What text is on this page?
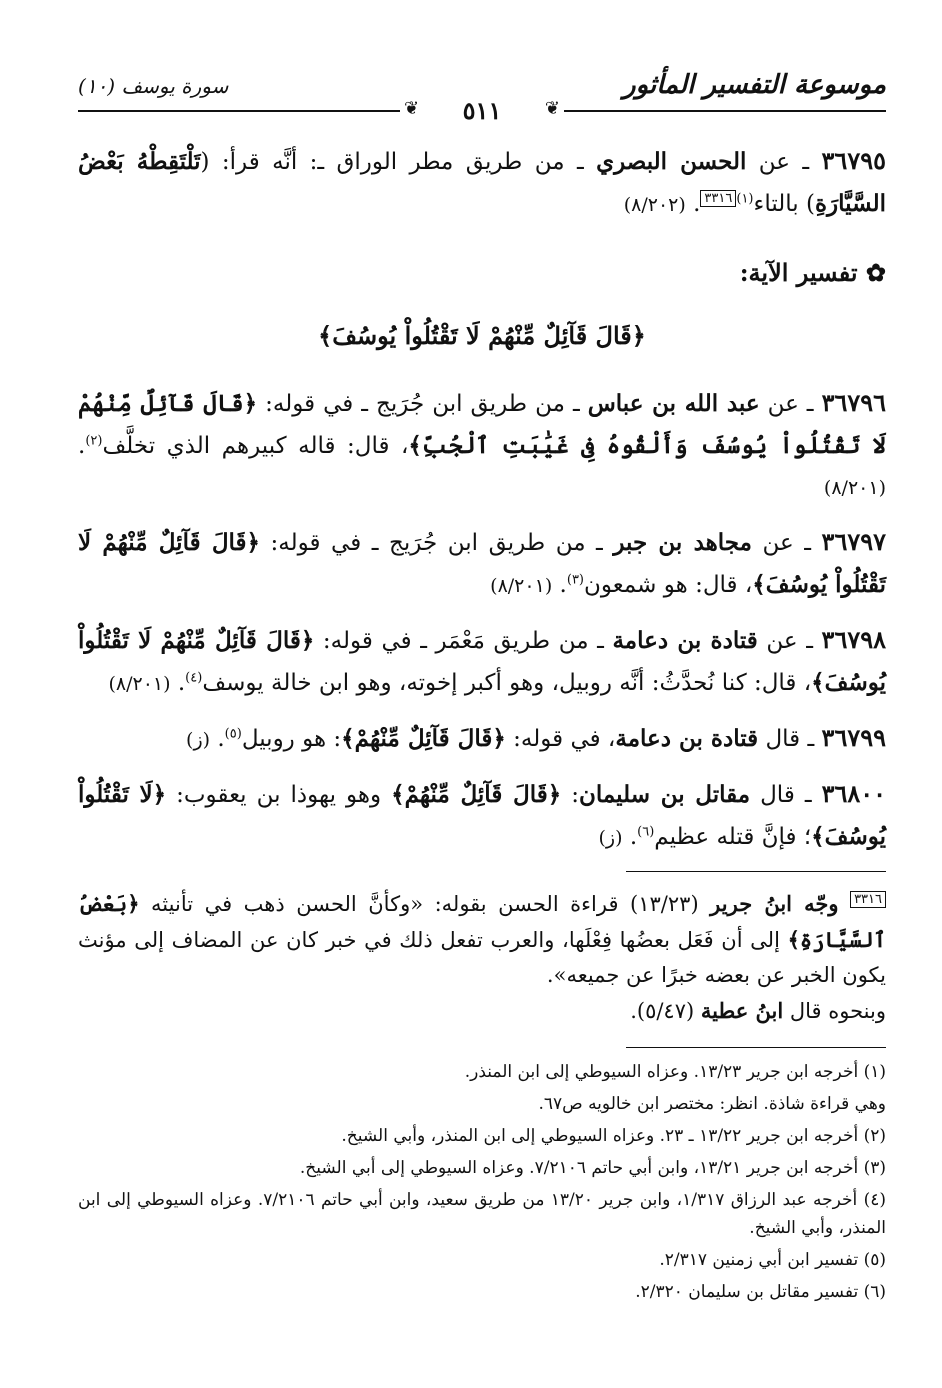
موسوعة التفسير المأثور
سورة يوسف (١٠)
❦ ٥١١ ❦

٣٦٧٩٥ ـ عن الحسن البصري ـ من طريق مطر الوراق ـ: أنَّه قرأ: (تَلْتَقِطْهُ بَعْضُ السَّيَّارَةِ) بالتاء$^{(١)٣٣١٦}$. (٨/٢٠٢)

✿ تفسير الآية:
﴿قَالَ قَآئِلٌ مِّنْهُمْ لَا تَقْتُلُواْ يُوسُفَ﴾

٣٦٧٩٦ ـ عن عبد الله بن عباس ـ من طريق ابن جُرَيج ـ في قوله: ﴿قَالَ قَآئِلٌ مِّنْهُمْ لَا تَقْتُلُواْ يُوسُفَ وَأَلْقُوهُ فِى غَيَٰبَتِ ٱلْجُبِّ﴾، قال: قاله كبيرهم الذي تخلَّف$^{(٢)}$. (٨/٢٠١)

٣٦٧٩٧ ـ عن مجاهد بن جبر ـ من طريق ابن جُرَيج ـ في قوله: ﴿قَالَ قَآئِلٌ مِّنْهُمْ لَا تَقْتُلُواْ يُوسُفَ﴾، قال: هو شمعون$^{(٣)}$. (٨/٢٠١)

٣٦٧٩٨ ـ عن قتادة بن دعامة ـ من طريق مَعْمَر ـ في قوله: ﴿قَالَ قَآئِلٌ مِّنْهُمْ لَا تَقْتُلُواْ يُوسُفَ﴾، قال: كنا نُحدَّثُ: أنَّه روبيل، وهو أكبر إخوته، وهو ابن خالة يوسف$^{(٤)}$. (٨/٢٠١)

٣٦٧٩٩ ـ قال قتادة بن دعامة، في قوله: ﴿قَالَ قَآئِلٌ مِّنْهُمْ﴾: هو روبيل$^{(٥)}$. (ز)

٣٦٨٠٠ ـ قال مقاتل بن سليمان: ﴿قَالَ قَآئِلٌ مِّنْهُمْ﴾ وهو يهوذا بن يعقوب: ﴿لَا تَقْتُلُواْ يُوسُفَ﴾؛ فإنَّ قتله عظيم$^{(٦)}$. (ز)

$^{٣٣١٦}$ وجّه ابنُ جرير (١٣/٢٣) قراءة الحسن بقوله: «وكأنَّ الحسن ذهب في تأنيثه ﴿بَعْضُ ٱلسَّيَّارَةِ﴾ إلى أن فَعَل بعضُها فِعْلَها، والعرب تفعل ذلك في خبر كان عن المضاف إلى مؤنث يكون الخبر عن بعضه خبرًا عن جميعه».
وبنحوه قال ابنُ عطية (٥/٤٧).

(١) أخرجه ابن جرير ١٣/٢٣. وعزاه السيوطي إلى ابن المنذر.

وهي قراءة شاذة. انظر: مختصر ابن خالويه ص٦٧.

(٢) أخرجه ابن جرير ١٣/٢٢ ـ ٢٣. وعزاه السيوطي إلى ابن المنذر، وأبي الشيخ.

(٣) أخرجه ابن جرير ١٣/٢١، وابن أبي حاتم ٧/٢١٠٦. وعزاه السيوطي إلى أبي الشيخ.

(٤) أخرجه عبد الرزاق ١/٣١٧، وابن جرير ١٣/٢٠ من طريق سعيد، وابن أبي حاتم ٧/٢١٠٦. وعزاه السيوطي إلى ابن المنذر، وأبي الشيخ.

(٥) تفسير ابن أبي زمنين ٢/٣١٧.

(٦) تفسير مقاتل بن سليمان ٢/٣٢٠.
